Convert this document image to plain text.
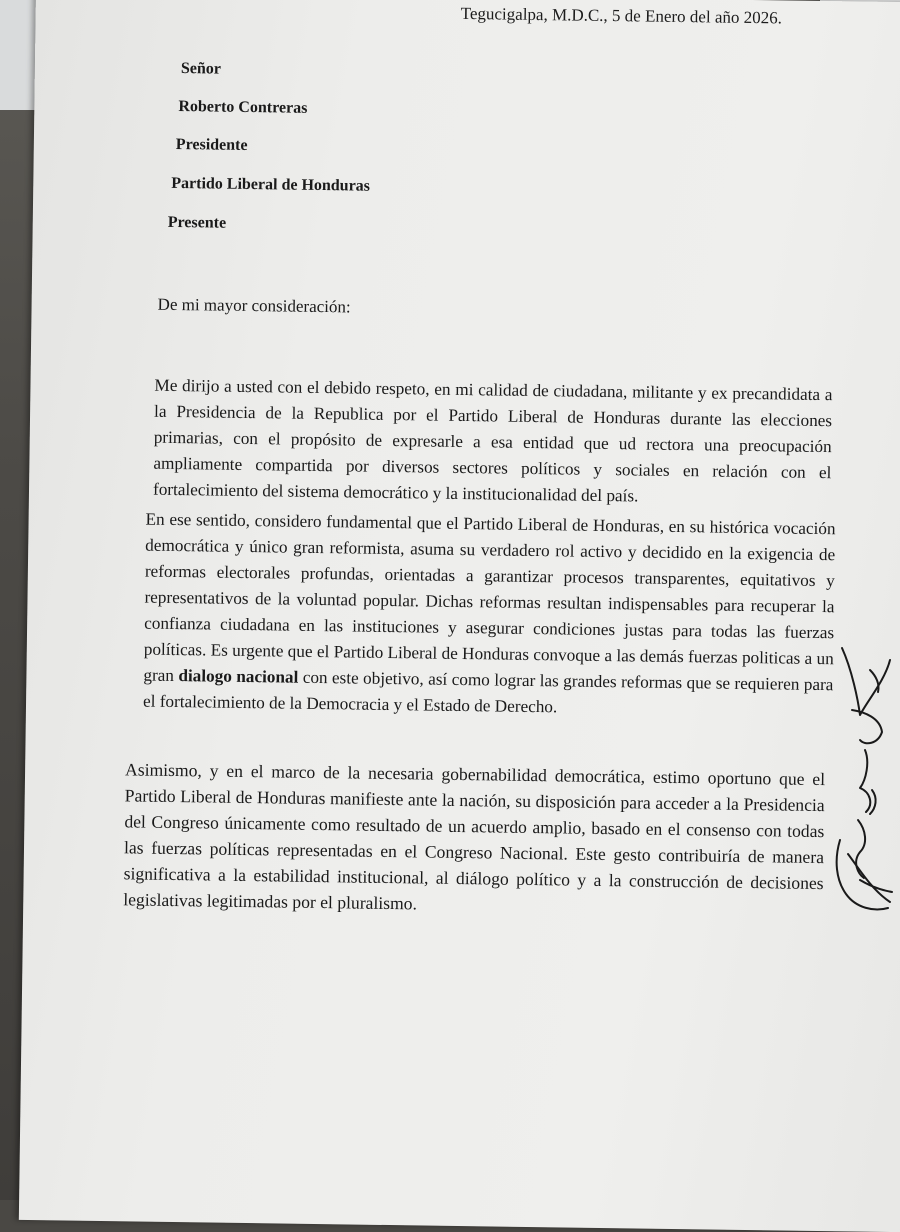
Tegucigalpa, M.D.C., 5 de Enero del año 2026.
Señor
Roberto Contreras
Presidente
Partido Liberal de Honduras
Presente
De mi mayor consideración:
Me dirijo a usted con el debido respeto, en mi calidad de ciudadana, militante y ex precandidata a la Presidencia de la Republica por el Partido Liberal de Honduras durante las elecciones primarias, con el propósito de expresarle a esa entidad que ud rectora una preocupación ampliamente compartida por diversos sectores políticos y sociales en relación con el fortalecimiento del sistema democrático y la institucionalidad del país.
En ese sentido, considero fundamental que el Partido Liberal de Honduras, en su histórica vocación democrática y único gran reformista, asuma su verdadero rol activo y decidido en la exigencia de reformas electorales profundas, orientadas a garantizar procesos transparentes, equitativos y representativos de la voluntad popular. Dichas reformas resultan indispensables para recuperar la confianza ciudadana en las instituciones y asegurar condiciones justas para todas las fuerzas políticas. Es urgente que el Partido Liberal de Honduras convoque a las demás fuerzas politicas a un gran dialogo nacional con este objetivo, así como lograr las grandes reformas que se requieren para el fortalecimiento de la Democracia y el Estado de Derecho.
Asimismo, y en el marco de la necesaria gobernabilidad democrática, estimo oportuno que el Partido Liberal de Honduras manifieste ante la nación, su disposición para acceder a la Presidencia del Congreso únicamente como resultado de un acuerdo amplio, basado en el consenso con todas las fuerzas políticas representadas en el Congreso Nacional. Este gesto contribuiría de manera significativa a la estabilidad institucional, al diálogo político y a la construcción de decisiones legislativas legitimadas por el pluralismo.
